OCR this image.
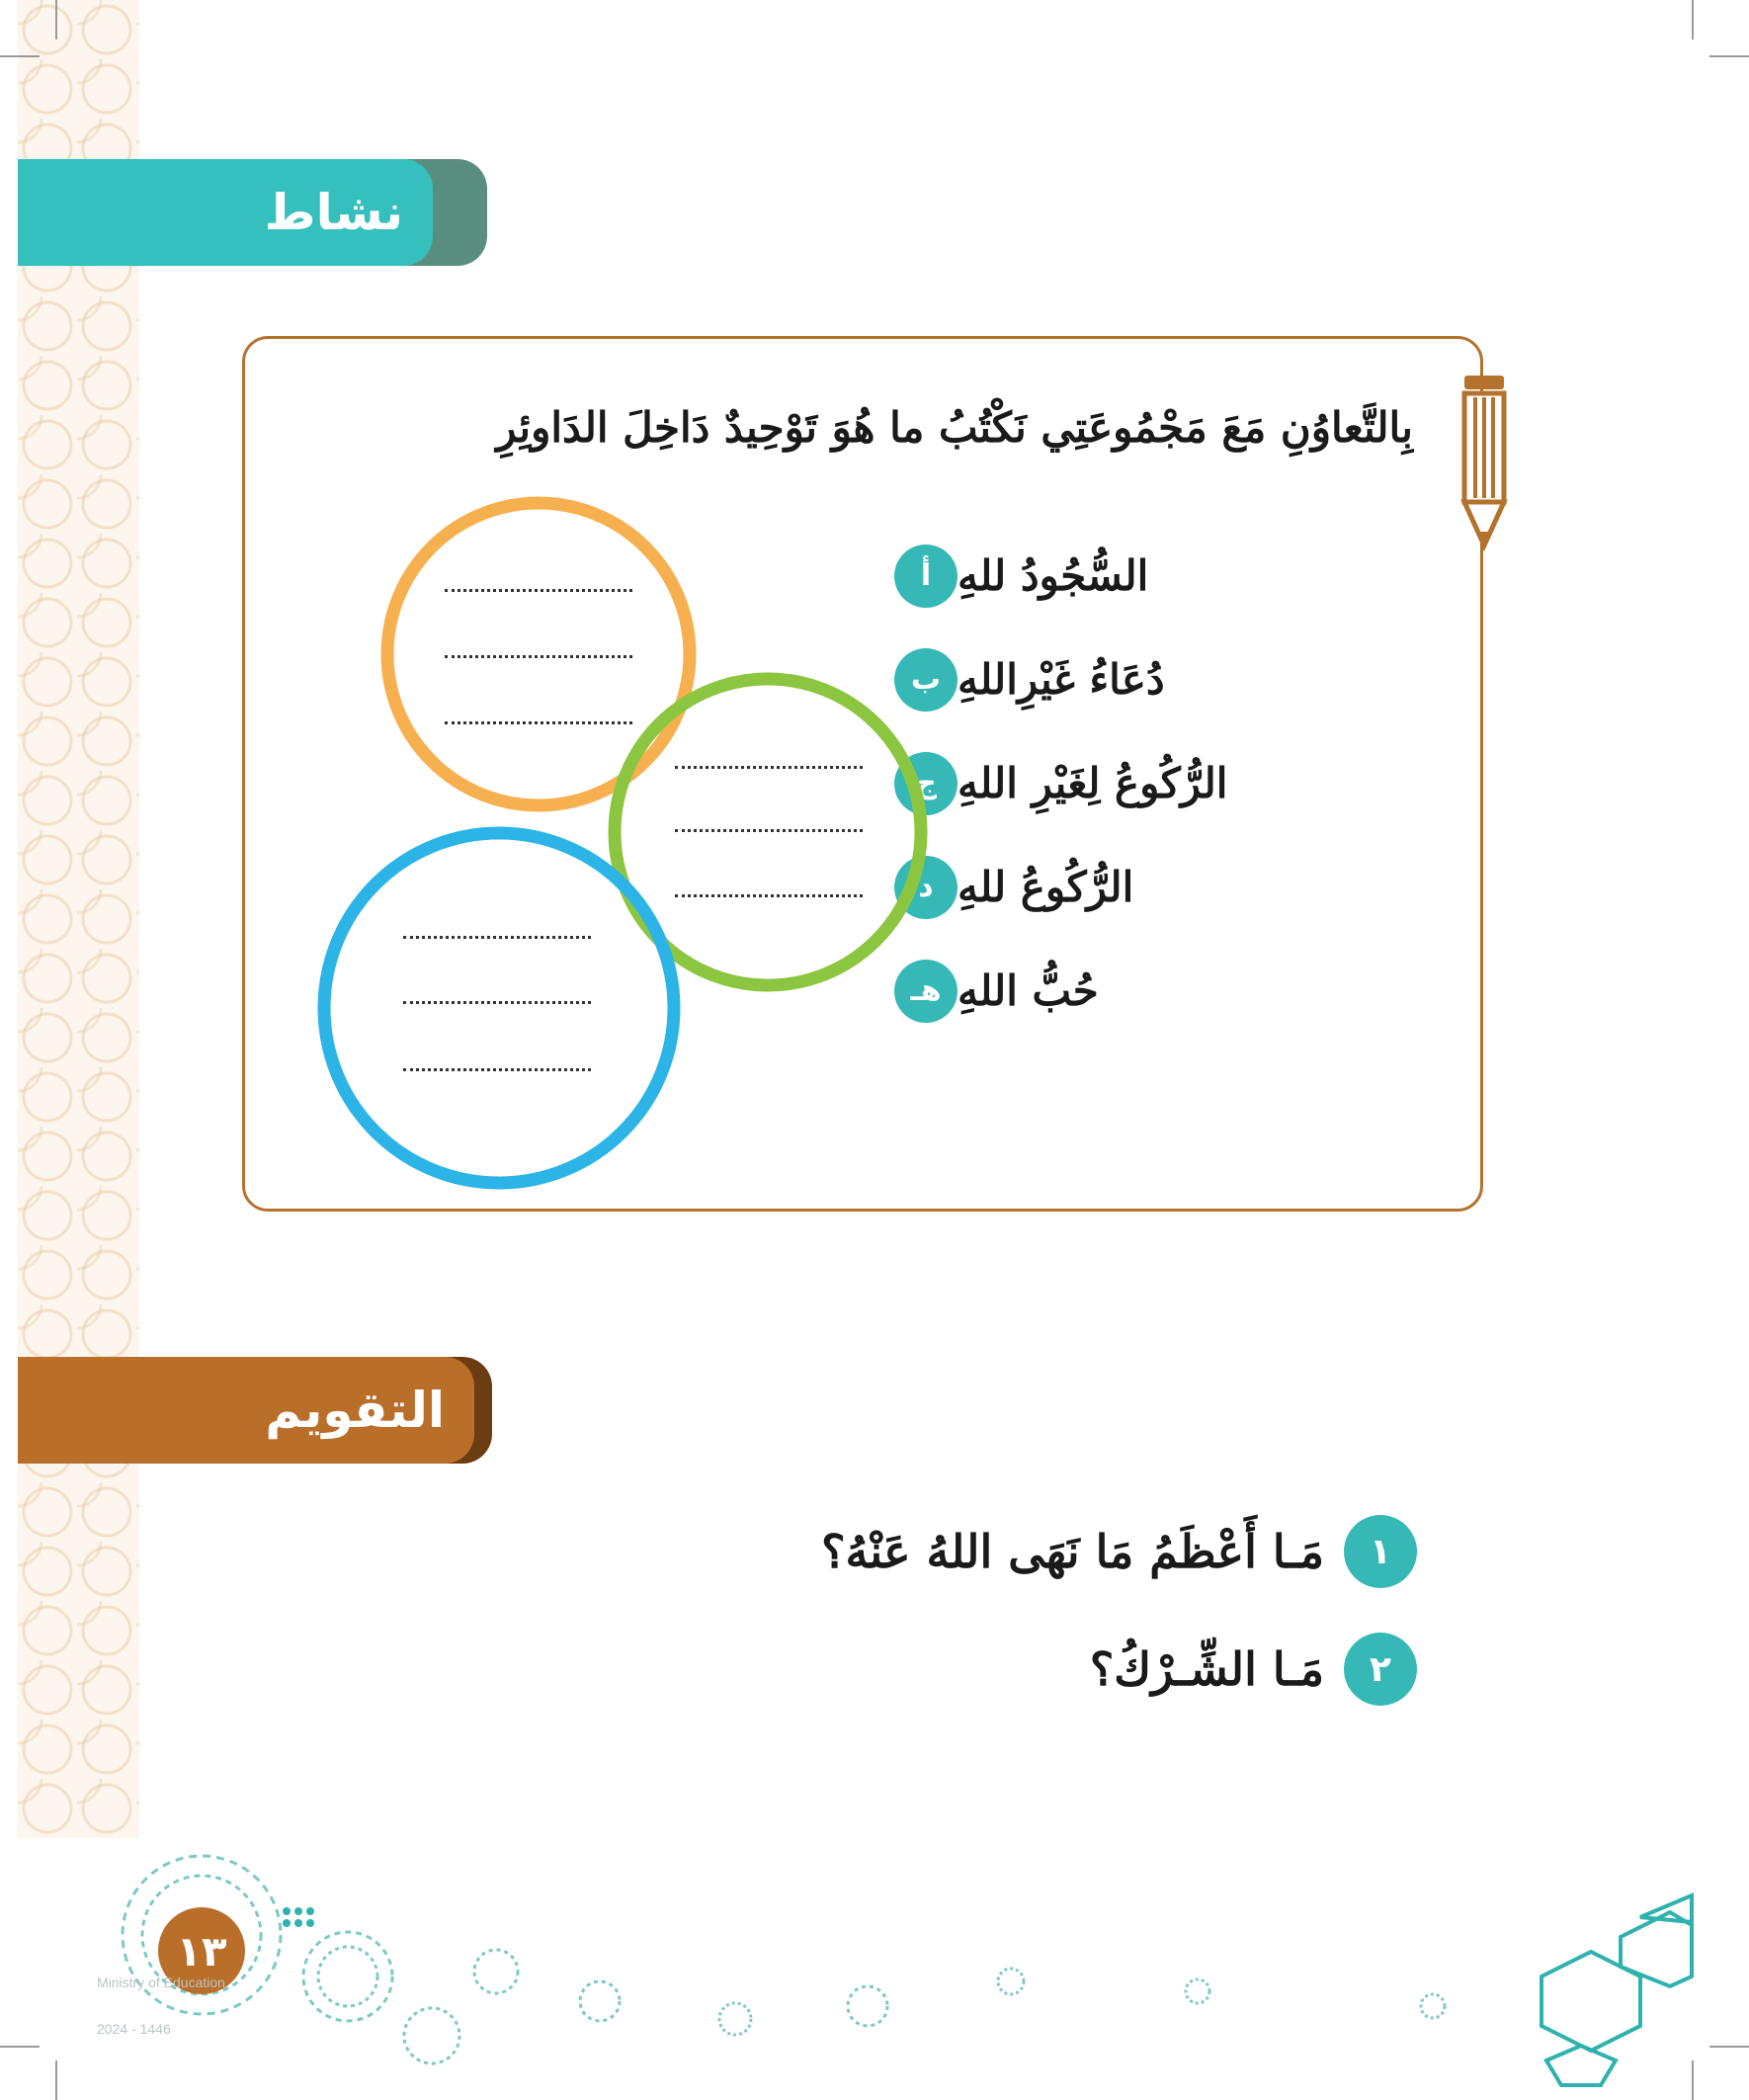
نشاط
بِالتَّعاوُنِ مَعَ مَجْمُوعَتِي نَكْتُبُ ما هُوَ تَوْحِيدٌ دَاخِلَ الدَاوئِرِ
أ السُّجُودُ للهِ
ب دُعَاءُ غَيْرِاللهِ
ج الرُّكُوعُ لِغَيْرِ اللهِ
د الرُّكُوعُ للهِ
هـ حُبُّ اللهِ
التقويم
١
مَـا أَعْظَمُ مَا نَهَى اللهُ عَنْهُ؟
٢
مَـا الشِّـرْكُ؟
١٣
Ministry of Education
2024 - 1446
